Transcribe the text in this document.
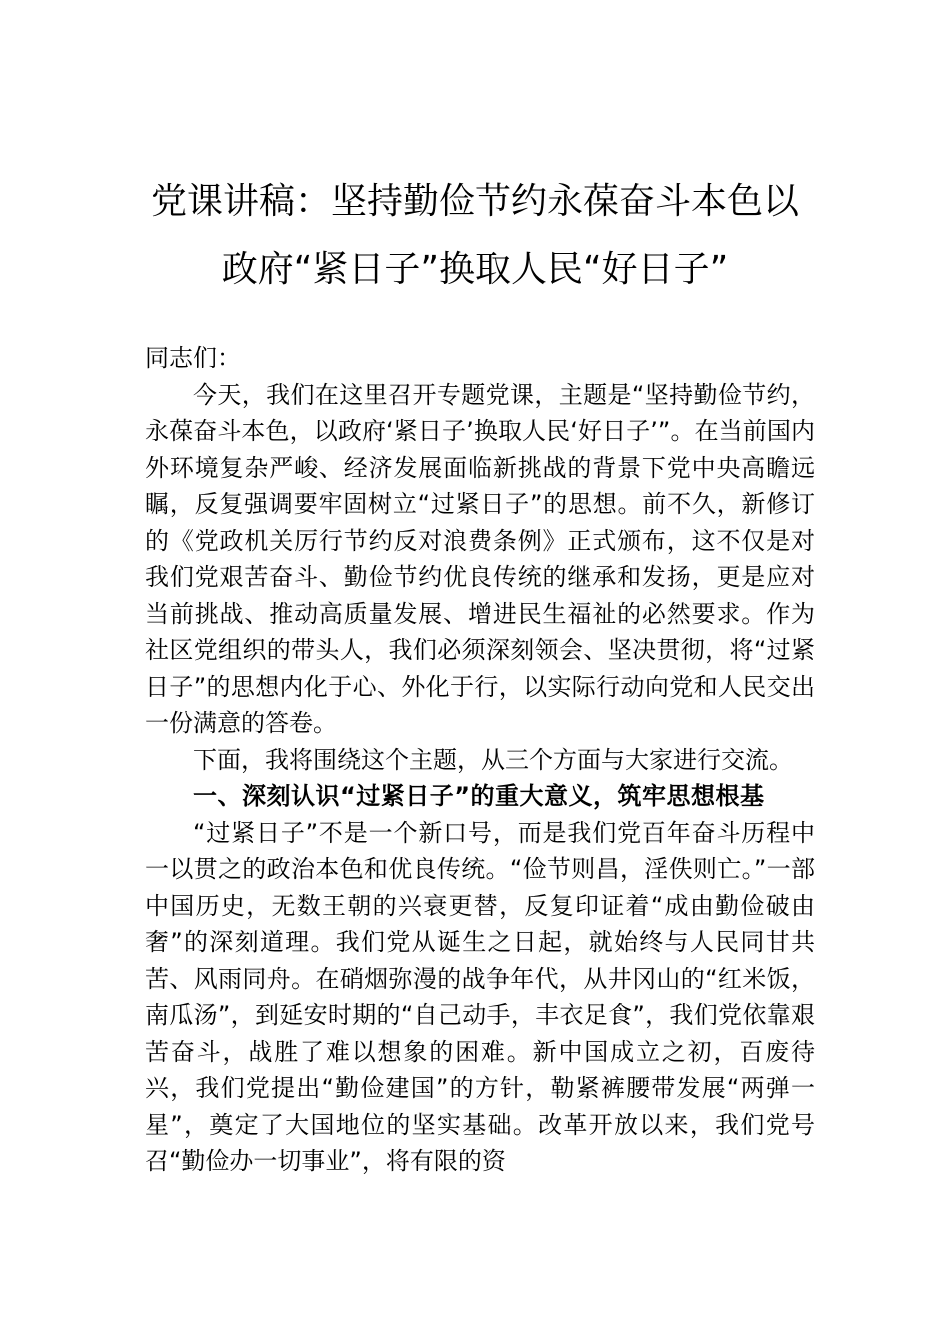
党课讲稿：坚持勤俭节约永葆奋斗本色以
政府“紧日子”换取人民“好日子”

同志们：

今天，我们在这里召开专题党课，主题是“坚持勤俭节约，永葆奋斗本色，以政府‘紧日子’换取人民‘好日子’”。在当前国内外环境复杂严峻、经济发展面临新挑战的背景下党中央高瞻远瞩，反复强调要牢固树立“过紧日子”的思想。前不久，新修订的《党政机关厉行节约反对浪费条例》正式颁布，这不仅是对我们党艰苦奋斗、勤俭节约优良传统的继承和发扬，更是应对当前挑战、推动高质量发展、增进民生福祉的必然要求。作为社区党组织的带头人，我们必须深刻领会、坚决贯彻，将“过紧日子”的思想内化于心、外化于行，以实际行动向党和人民交出一份满意的答卷。

下面，我将围绕这个主题，从三个方面与大家进行交流。

一、深刻认识“过紧日子”的重大意义，筑牢思想根基

“过紧日子”不是一个新口号，而是我们党百年奋斗历程中一以贯之的政治本色和优良传统。“俭节则昌，淫佚则亡。”一部中国历史，无数王朝的兴衰更替，反复印证着“成由勤俭破由奢”的深刻道理。我们党从诞生之日起，就始终与人民同甘共苦、风雨同舟。在硝烟弥漫的战争年代，从井冈山的“红米饭，南瓜汤”，到延安时期的“自己动手，丰衣足食”，我们党依靠艰苦奋斗，战胜了难以想象的困难。新中国成立之初，百废待兴，我们党提出“勤俭建国”的方针，勒紧裤腰带发展“两弹一星”，奠定了大国地位的坚实基础。改革开放以来，我们党号召“勤俭办一切事业”，将有限的资
